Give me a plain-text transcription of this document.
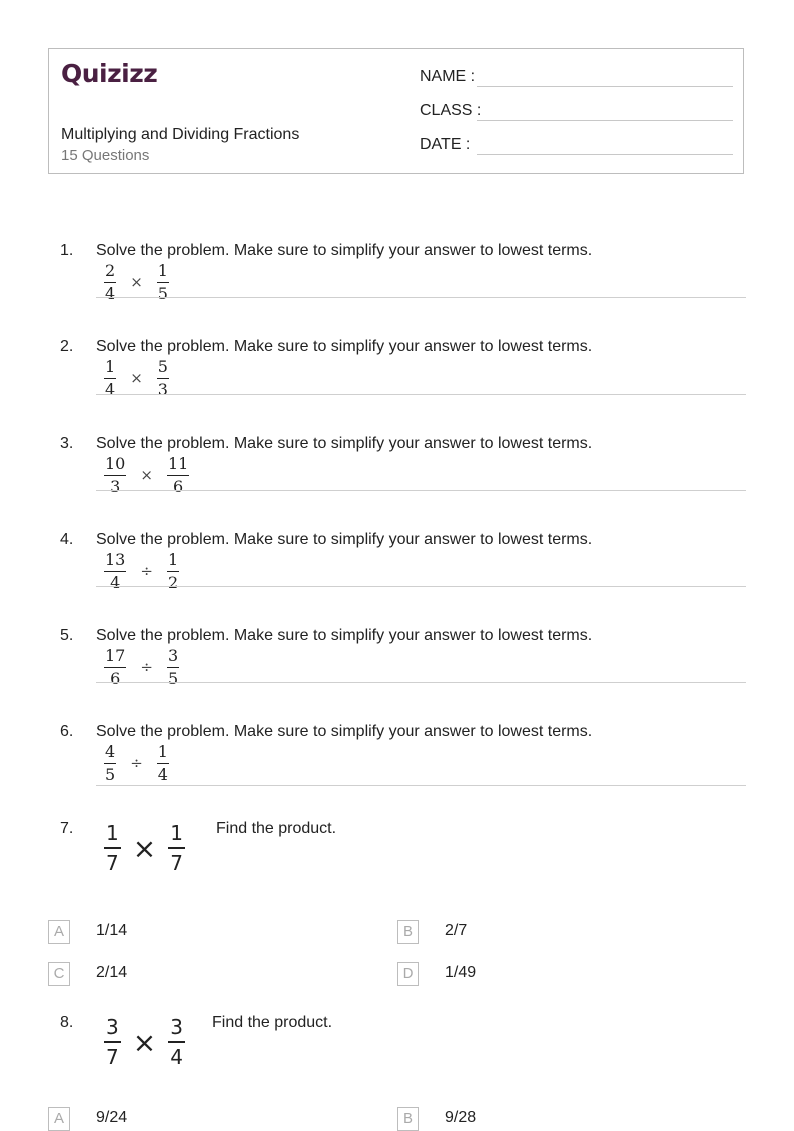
Quizizz
Multiplying and Dividing Fractions
15 Questions
NAME :
CLASS :
DATE :
1. Solve the problem. Make sure to simplify your answer to lowest terms.
$\frac{2}{4} \times \frac{1}{5}$
2. Solve the problem. Make sure to simplify your answer to lowest terms.
$\frac{1}{4} \times \frac{5}{3}$
3. Solve the problem. Make sure to simplify your answer to lowest terms.
$\frac{10}{3} \times \frac{11}{6}$
4. Solve the problem. Make sure to simplify your answer to lowest terms.
$\frac{13}{4} \div \frac{1}{2}$
5. Solve the problem. Make sure to simplify your answer to lowest terms.
$\frac{17}{6} \div \frac{3}{5}$
6. Solve the problem. Make sure to simplify your answer to lowest terms.
$\frac{4}{5} \div \frac{1}{4}$
7. $\frac{1}{7} \times \frac{1}{7}$ Find the product.
A	1/14	B	2/7
C	2/14	D	1/49
8. $\frac{3}{7} \times \frac{3}{4}$ Find the product.
A	9/24	B	9/28
